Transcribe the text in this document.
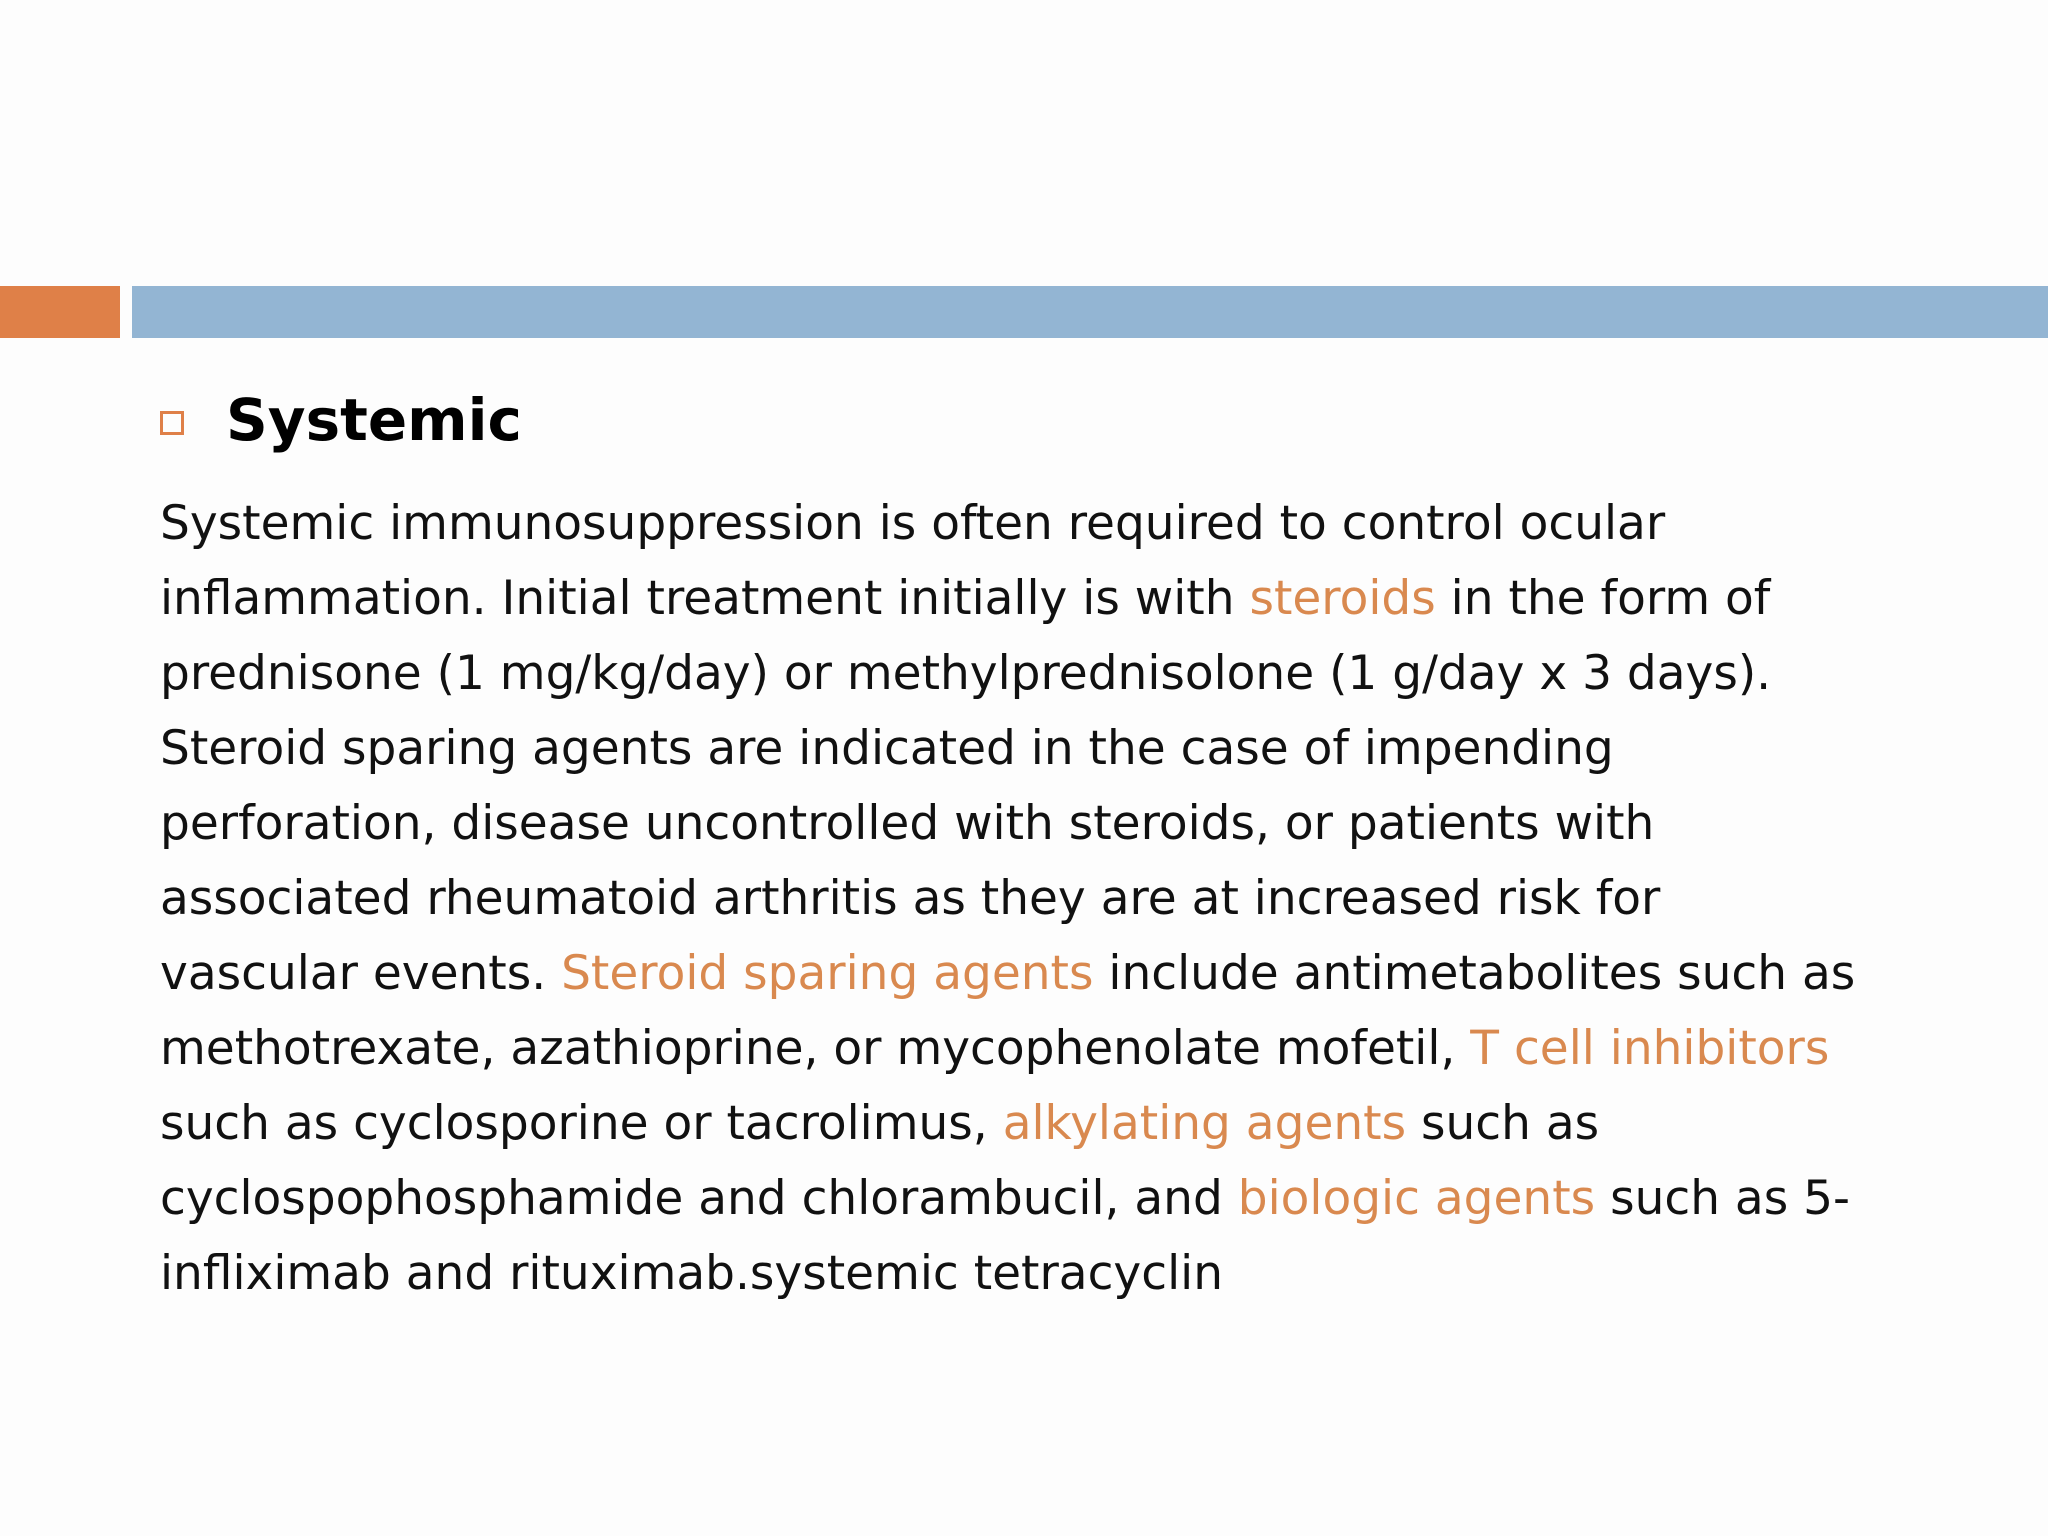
Systemic
Systemic immunosuppression is often required to control ocular
inflammation. Initial treatment initially is with steroids in the form of
prednisone (1 mg/kg/day) or methylprednisolone (1 g/day x 3 days).
Steroid sparing agents are indicated in the case of impending
perforation, disease uncontrolled with steroids, or patients with
associated rheumatoid arthritis as they are at increased risk for
vascular events. Steroid sparing agents include antimetabolites such as
methotrexate, azathioprine, or mycophenolate mofetil, T cell inhibitors
such as cyclosporine or tacrolimus, alkylating agents such as
cyclospophosphamide and chlorambucil, and biologic agents such as 5-
infliximab and rituximab.systemic tetracyclin
